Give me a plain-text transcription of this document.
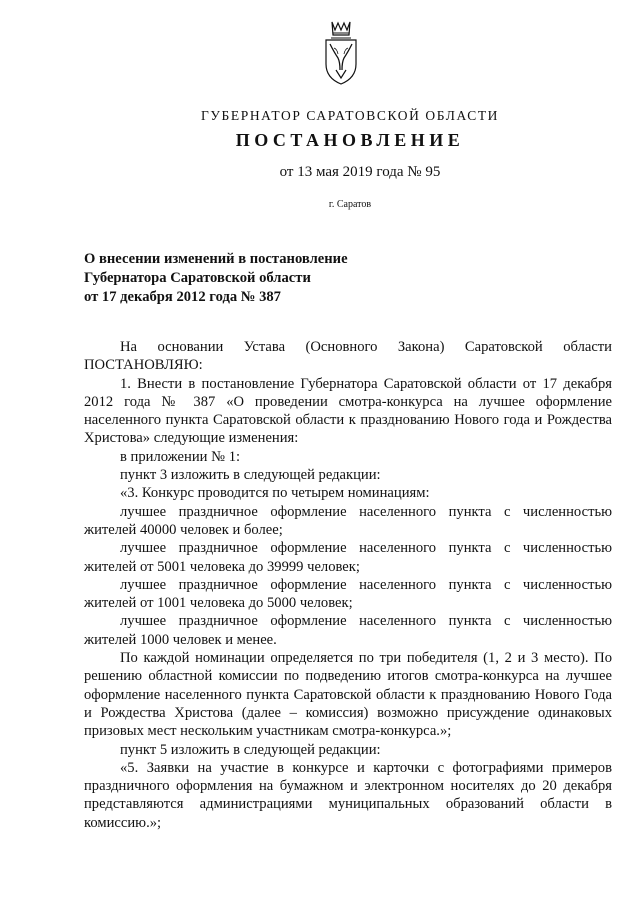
ГУБЕРНАТОР САРАТОВСКОЙ ОБЛАСТИ
ПОСТАНОВЛЕНИЕ
от 13 мая 2019 года № 95
г. Саратов
О внесении изменений в постановление
Губернатора Саратовской области
от 17 декабря 2012 года № 387

На основании Устава (Основного Закона) Саратовской области ПОСТАНОВЛЯЮ:

1. Внести в постановление Губернатора Саратовской области от 17 декабря 2012 года № 387 «О проведении смотра-конкурса на лучшее оформление населенного пункта Саратовской области к празднованию Нового года и Рождества Христова» следующие изменения:

в приложении № 1:

пункт 3 изложить в следующей редакции:

«3. Конкурс проводится по четырем номинациям:

лучшее праздничное оформление населенного пункта с численностью жителей 40000 человек и более;

лучшее праздничное оформление населенного пункта с численностью жителей от 5001 человека до 39999 человек;

лучшее праздничное оформление населенного пункта с численностью жителей от 1001 человека до 5000 человек;

лучшее праздничное оформление населенного пункта с численностью жителей 1000 человек и менее.

По каждой номинации определяется по три победителя (1, 2 и 3 место). По решению областной комиссии по подведению итогов смотра-конкурса на лучшее оформление населенного пункта Саратовской области к празднованию Нового Года и Рождества Христова (далее – комиссия) возможно присуждение одинаковых призовых мест нескольким участникам смотра-конкурса.»;

пункт 5 изложить в следующей редакции:

«5. Заявки на участие в конкурсе и карточки с фотографиями примеров праздничного оформления на бумажном и электронном носителях до 20 декабря представляются администрациями муниципальных образований области в комиссию.»;
